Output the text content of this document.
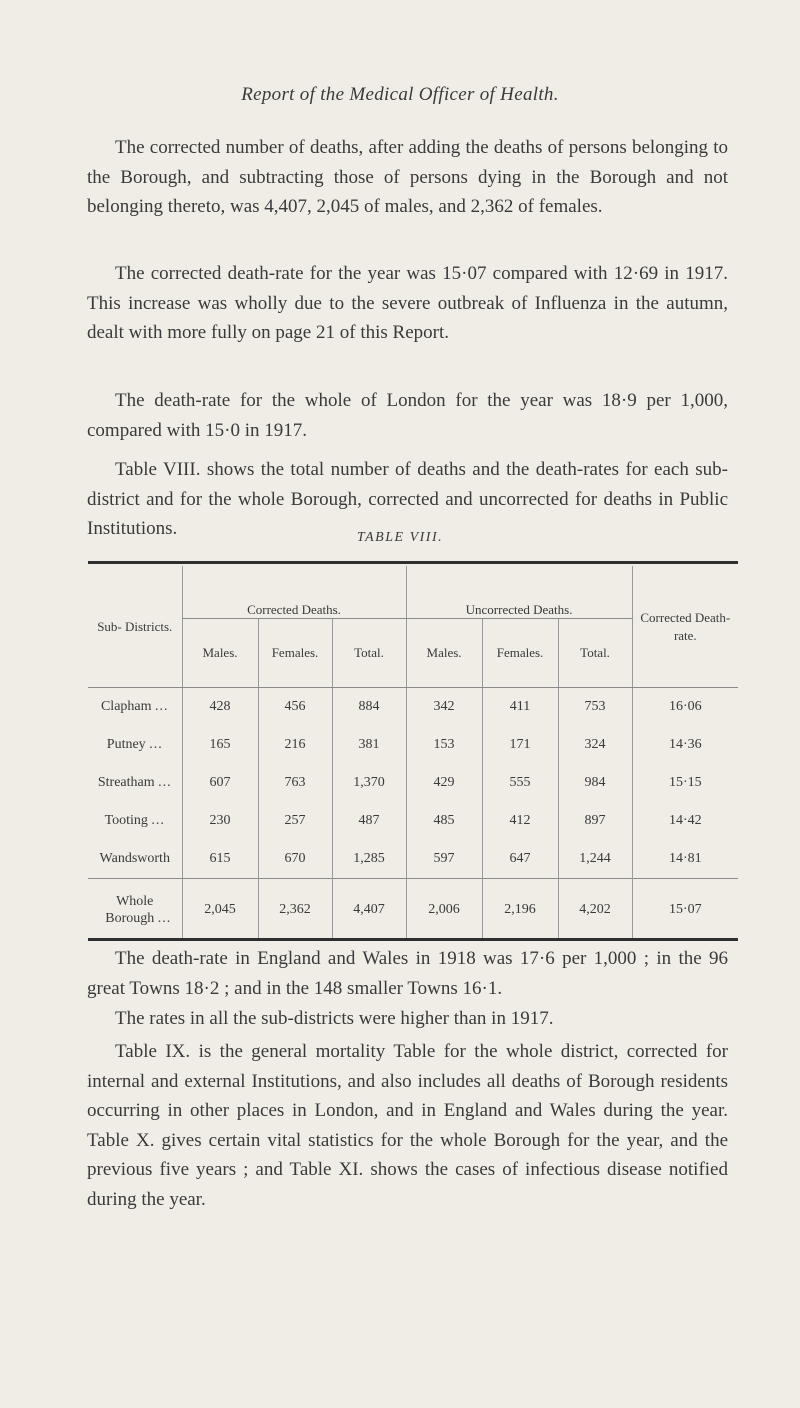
Report of the Medical Officer of Health.

The corrected number of deaths, after adding the deaths of persons belonging to the Borough, and subtracting those of persons dying in the Borough and not belonging thereto, was 4,407, 2,045 of males, and 2,362 of females.

The corrected death-rate for the year was 15·07 compared with 12·69 in 1917. This increase was wholly due to the severe outbreak of Influenza in the autumn, dealt with more fully on page 21 of this Report.

The death-rate for the whole of London for the year was 18·9 per 1,000, compared with 15·0 in 1917.

Table VIII. shows the total number of deaths and the death-rates for each sub-district and for the whole Borough, corrected and uncorrected for deaths in Public Institutions.	TABLE VIII.
Sub- Districts.	Corrected Deaths.			Uncorrected Deaths.			Corrected Death-rate.
	Males.	Females.	Total.	Males.	Females.	Total.	
Clapham ...	428	456	884	342	411	753	16·06
Putney ...	165	216	381	153	171	324	14·36
Streatham ...	607	763	1,370	429	555	984	15·15
Tooting ...	230	257	487	485	412	897	14·42
Wandsworth	615	670	1,285	597	647	1,244	14·81
Whole
Borough ...	2,045	2,362	4,407	2,006	2,196	4,202	15·07

The death-rate in England and Wales in 1918 was 17·6 per 1,000 ; in the 96 great Towns 18·2 ; and in the 148 smaller Towns 16·1.

The rates in all the sub-districts were higher than in 1917.

Table IX. is the general mortality Table for the whole district, corrected for internal and external Institutions, and also includes all deaths of Borough residents occurring in other places in London, and in England and Wales during the year. Table X. gives certain vital statistics for the whole Borough for the year, and the previous five years ; and Table XI. shows the cases of infectious disease notified during the year.
